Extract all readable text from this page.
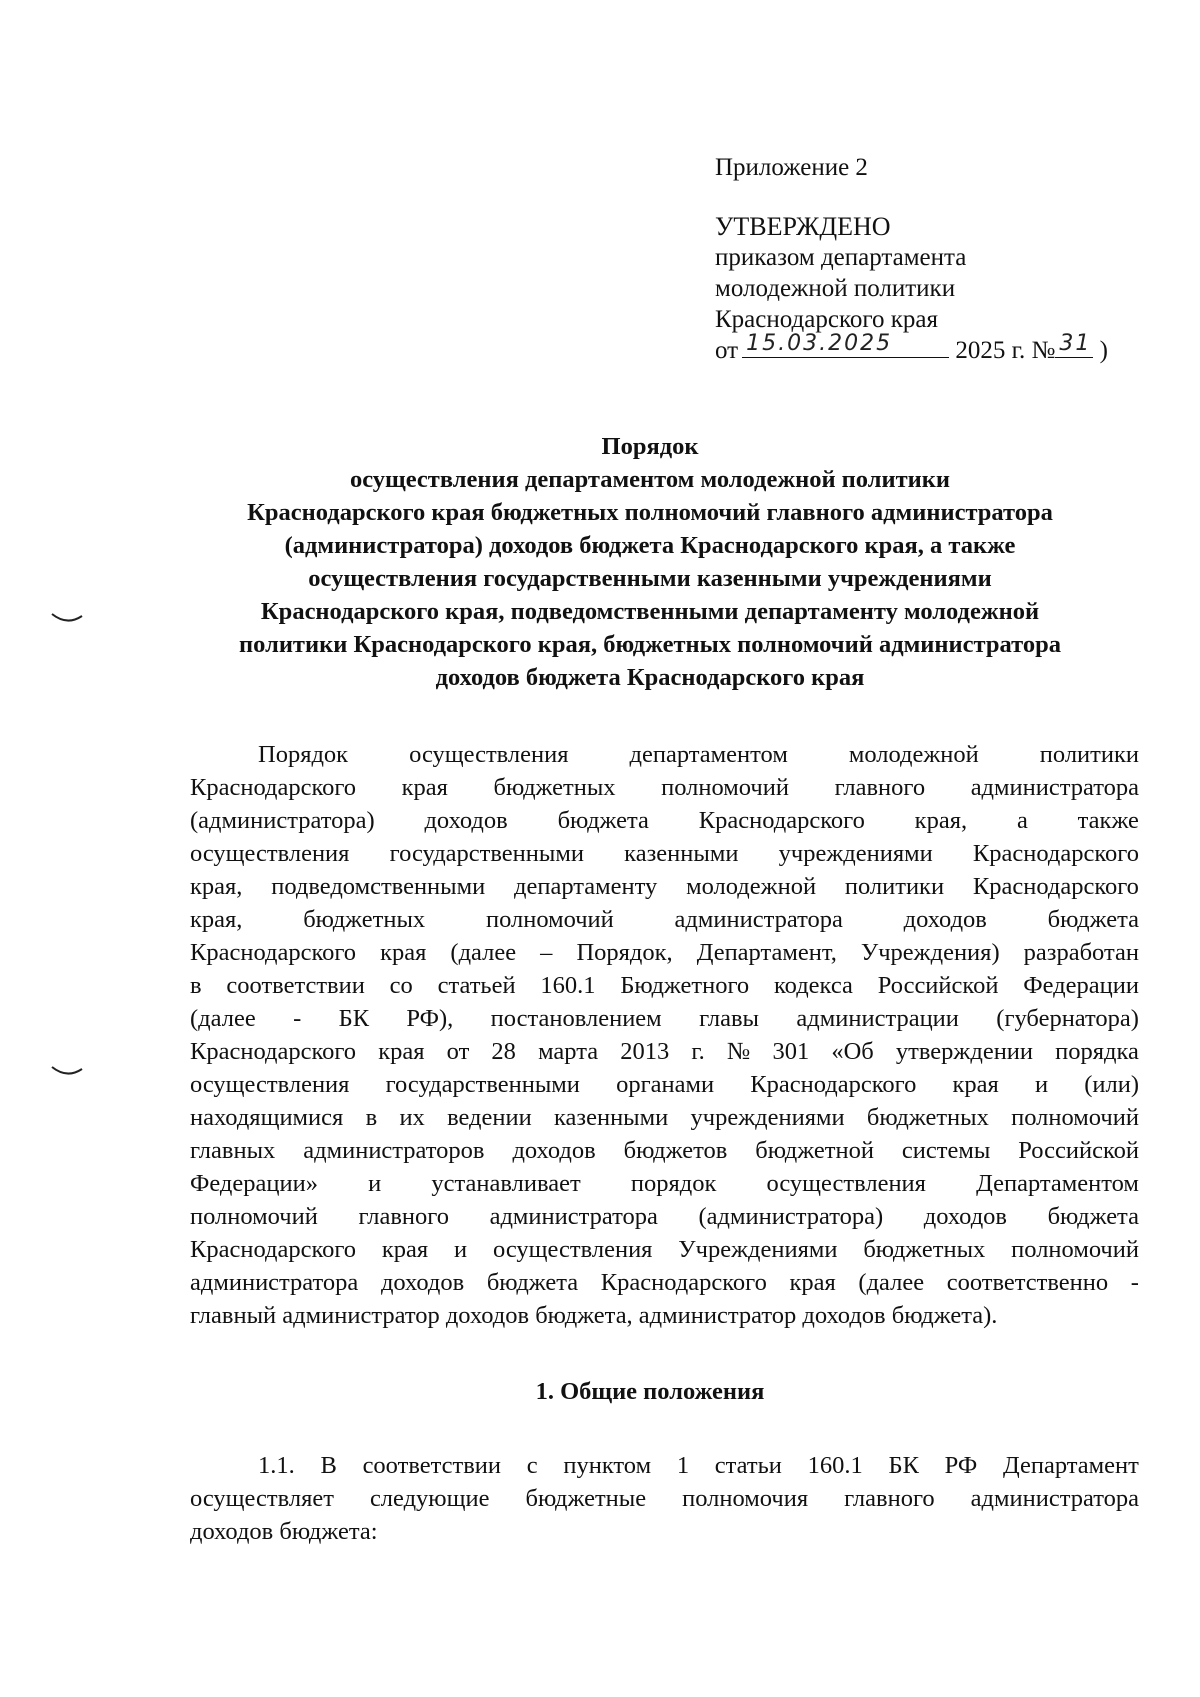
Приложение 2
УТВЕРЖДЕНО
приказом департамента
молодежной политики
Краснодарского края
от 15.03.2025	2025 г. № 31 )
Порядок
осуществления департаментом молодежной политики
Краснодарского края бюджетных полномочий главного администратора
(администратора) доходов бюджета Краснодарского края, а также
осуществления государственными казенными учреждениями
Краснодарского края, подведомственными департаменту молодежной
политики Краснодарского края, бюджетных полномочий администратора
доходов бюджета Краснодарского края
Порядок осуществления департаментом молодежной политики
Краснодарского края бюджетных полномочий главного администратора
(администратора) доходов бюджета Краснодарского края, а также
осуществления государственными казенными учреждениями Краснодарского
края, подведомственными департаменту молодежной политики Краснодарского
края, бюджетных полномочий администратора доходов бюджета
Краснодарского края (далее – Порядок, Департамент, Учреждения) разработан
в соответствии со статьей 160.1 Бюджетного кодекса Российской Федерации
(далее - БК РФ), постановлением главы администрации (губернатора)
Краснодарского края от 28 марта 2013 г. № 301 «Об утверждении порядка
осуществления государственными органами Краснодарского края и (или)
находящимися в их ведении казенными учреждениями бюджетных полномочий
главных администраторов доходов бюджетов бюджетной системы Российской
Федерации» и устанавливает порядок осуществления Департаментом
полномочий главного администратора (администратора) доходов бюджета
Краснодарского края и осуществления Учреждениями бюджетных полномочий
администратора доходов бюджета Краснодарского края (далее соответственно -
главный администратор доходов бюджета, администратор доходов бюджета).
1. Общие положения
1.1. В соответствии с пунктом 1 статьи 160.1 БК РФ Департамент
осуществляет следующие бюджетные полномочия главного администратора
доходов бюджета:
